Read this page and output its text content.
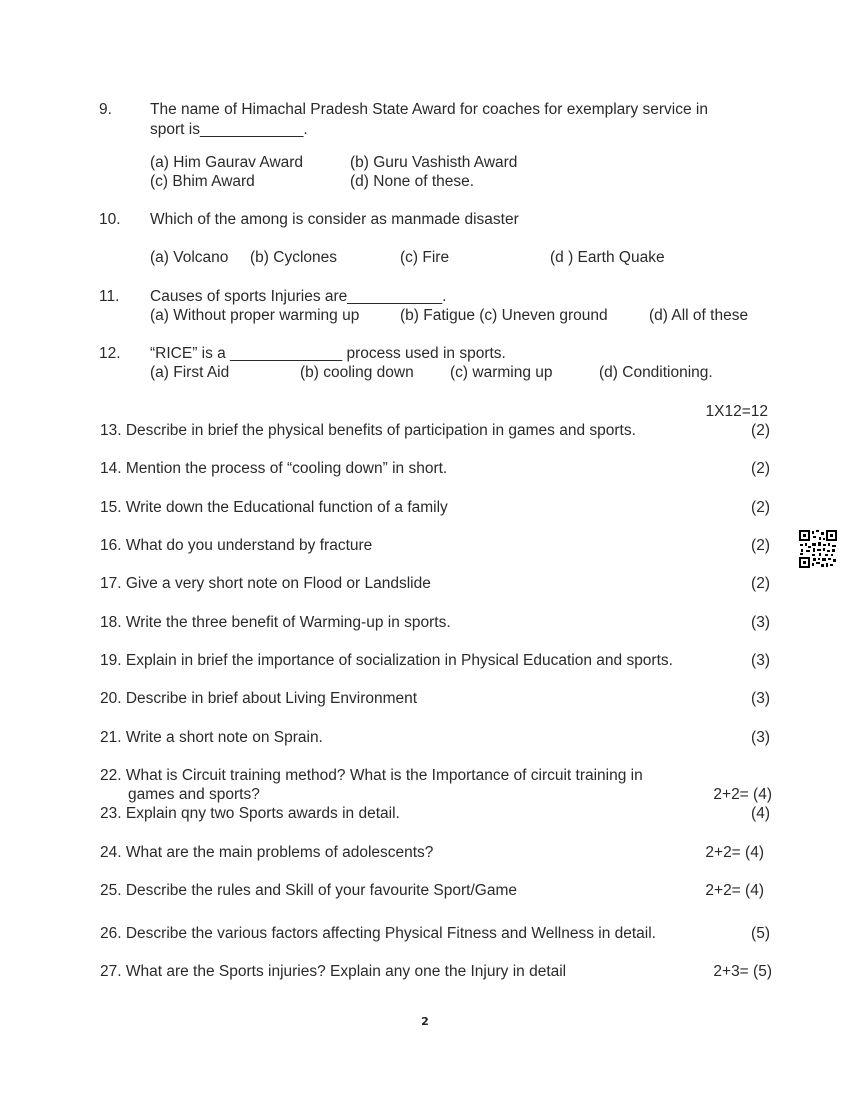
9. The name of Himachal Pradesh State Award for coaches for exemplary service in
sport is____________.
(a) Him Gaurav Award	(b) Guru Vashisth Award
(c) Bhim Award	(d) None of these.
10. Which of the among is consider as manmade disaster
(a) Volcano (b) Cyclones	(c) Fire	(d ) Earth Quake
11. Causes of sports Injuries are___________.
(a) Without proper warming up	(b) Fatigue (c) Uneven ground	(d) All of these
12. “RICE” is a _____________ process used in sports.
(a) First Aid	(b) cooling down (c) warming up	(d) Conditioning.
1X12=12
13. Describe in brief the physical benefits of participation in games and sports.	(2)
14. Mention the process of “cooling down” in short.	(2)
15. Write down the Educational function of a family	(2)
16. What do you understand by fracture	(2)
17. Give a very short note on Flood or Landslide	(2)
18. Write the three benefit of Warming-up in sports.	(3)
19. Explain in brief the importance of socialization in Physical Education and sports.	(3)
20. Describe in brief about Living Environment	(3)
21. Write a short note on Sprain.	(3)
22. What is Circuit training method? What is the Importance of circuit training in
games and sports?	2+2= (4)
23. Explain qny two Sports awards in detail.	(4)
24. What are the main problems of adolescents?	2+2= (4)
25. Describe the rules and Skill of your favourite Sport/Game	2+2= (4)
26. Describe the various factors affecting Physical Fitness and Wellness in detail.	(5)
27. What are the Sports injuries? Explain any one the Injury in detail	2+3= (5)
2
